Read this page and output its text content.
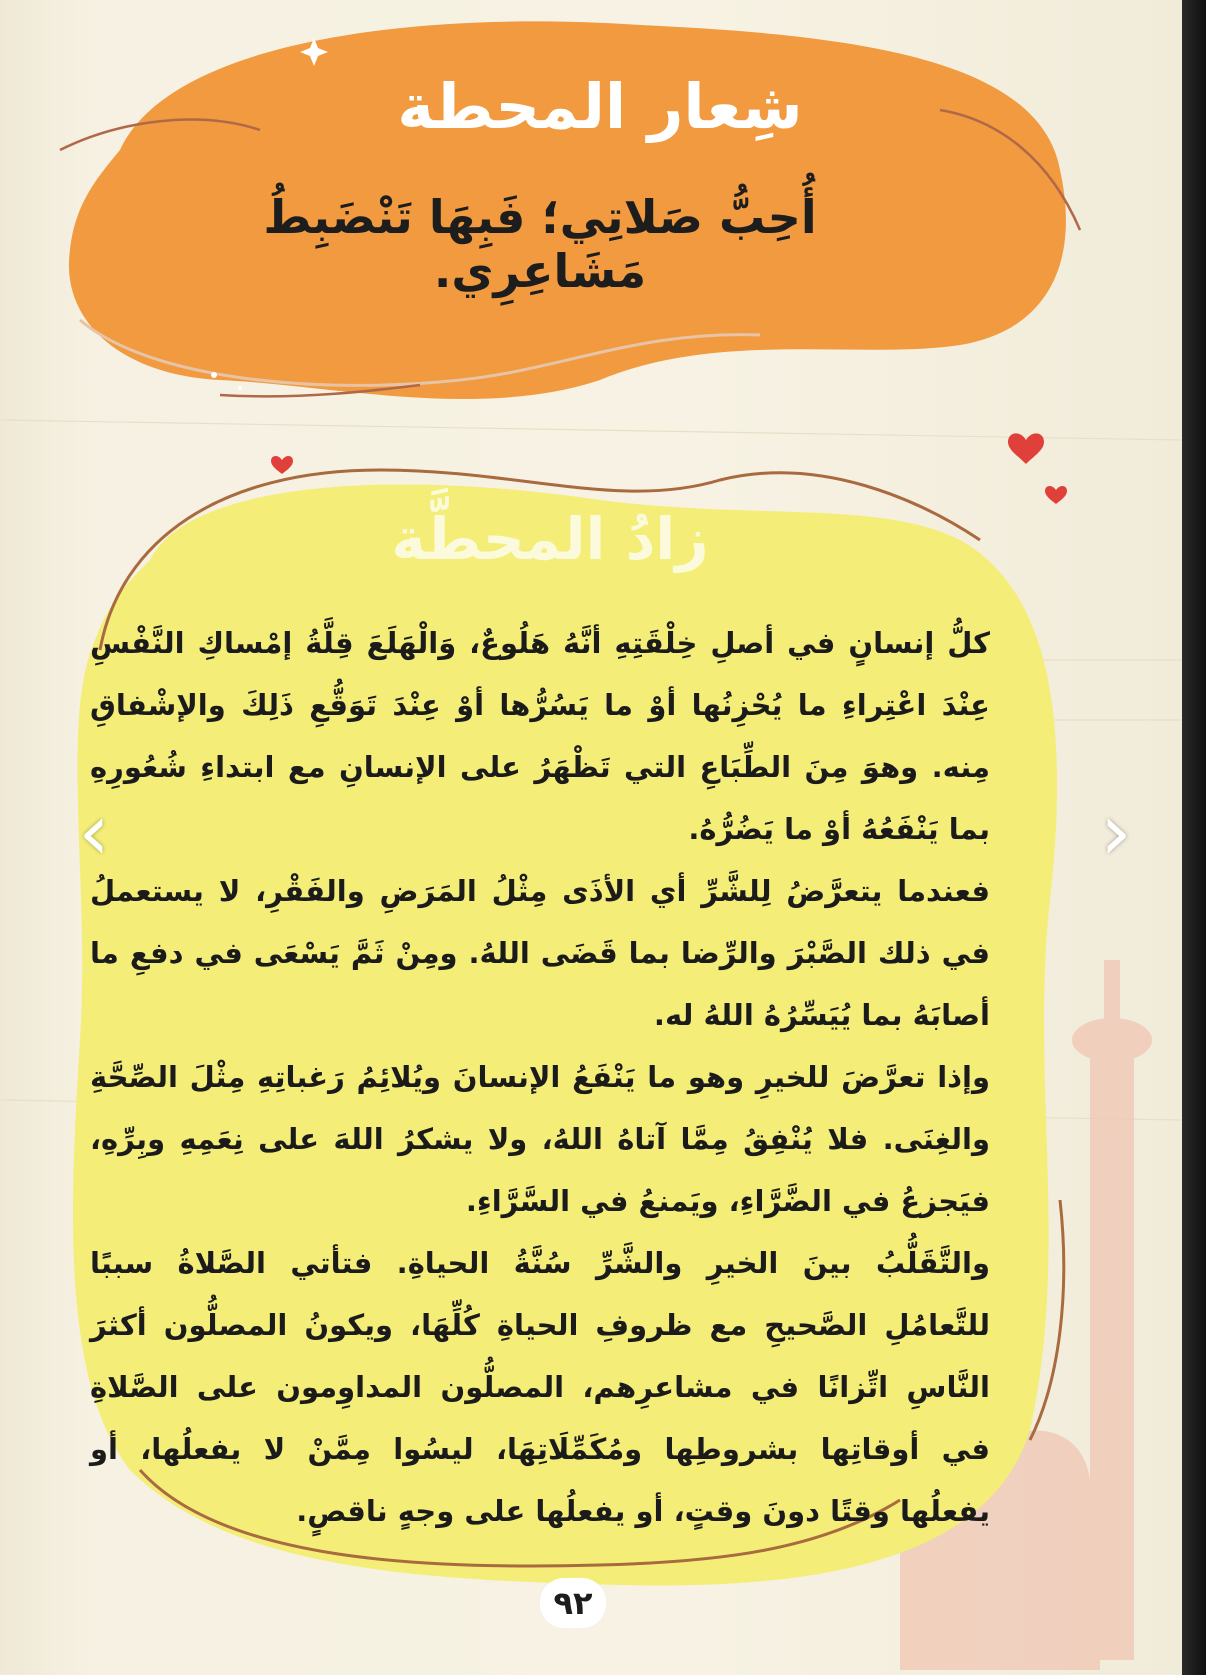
شِعار المحطة
أُحِبُّ صَلاتِي؛ فَبِهَا تَنْضَبِطُ مَشَاعِرِي.
زادُ المحطَّة

كلُّ إنسانٍ في أصلِ خِلْقَتِهِ أنَّهُ هَلُوعٌ، وَالْهَلَعَ قِلَّةُ إمْساكِ النَّفْسِ عِنْدَ اعْتِراءِ ما يُحْزِنُها أوْ ما يَسُرُّها أوْ عِنْدَ تَوَقُّعِ ذَلِكَ والإشْفاقِ مِنه. وهوَ مِنَ الطِّبَاعِ التي تَظْهَرُ على الإنسانِ مع ابتداءِ شُعُورِهِ بما يَنْفَعُهُ أوْ ما يَضُرُّهُ.

فعندما يتعرَّضُ لِلشَّرِّ أي الأذَى مِثْلُ المَرَضِ والفَقْرِ، لا يستعملُ في ذلك الصَّبْرَ والرِّضا بما قَضَى اللهُ. ومِنْ ثَمَّ يَسْعَى في دفعِ ما أصابَهُ بما يُيَسِّرُهُ اللهُ له.

وإذا تعرَّضَ للخيرِ وهو ما يَنْفَعُ الإنسانَ ويُلائِمُ رَغباتِهِ مِثْلَ الصِّحَّةِ والغِنَى. فلا يُنْفِقُ مِمَّا آتاهُ اللهُ، ولا يشكرُ اللهَ على نِعَمِهِ وبِرِّهِ، فيَجزعُ في الضَّرَّاءِ، ويَمنعُ في السَّرَّاءِ.

والتَّقَلُّبُ بينَ الخيرِ والشَّرِّ سُنَّةُ الحياةِ. فتأتي الصَّلاةُ سببًا للتَّعامُلِ الصَّحيحِ مع ظروفِ الحياةِ كُلِّهَا، ويكونُ المصلُّون أكثرَ النَّاسِ اتِّزانًا في مشاعرِهم، المصلُّون المداوِمون على الصَّلاةِ في أوقاتِها بشروطِها ومُكَمِّلَاتِهَا، ليسُوا مِمَّنْ لا يفعلُها، أو يفعلُها وقتًا دونَ وقتٍ، أو يفعلُها على وجهٍ ناقصٍ.

٩٢
‹	›
